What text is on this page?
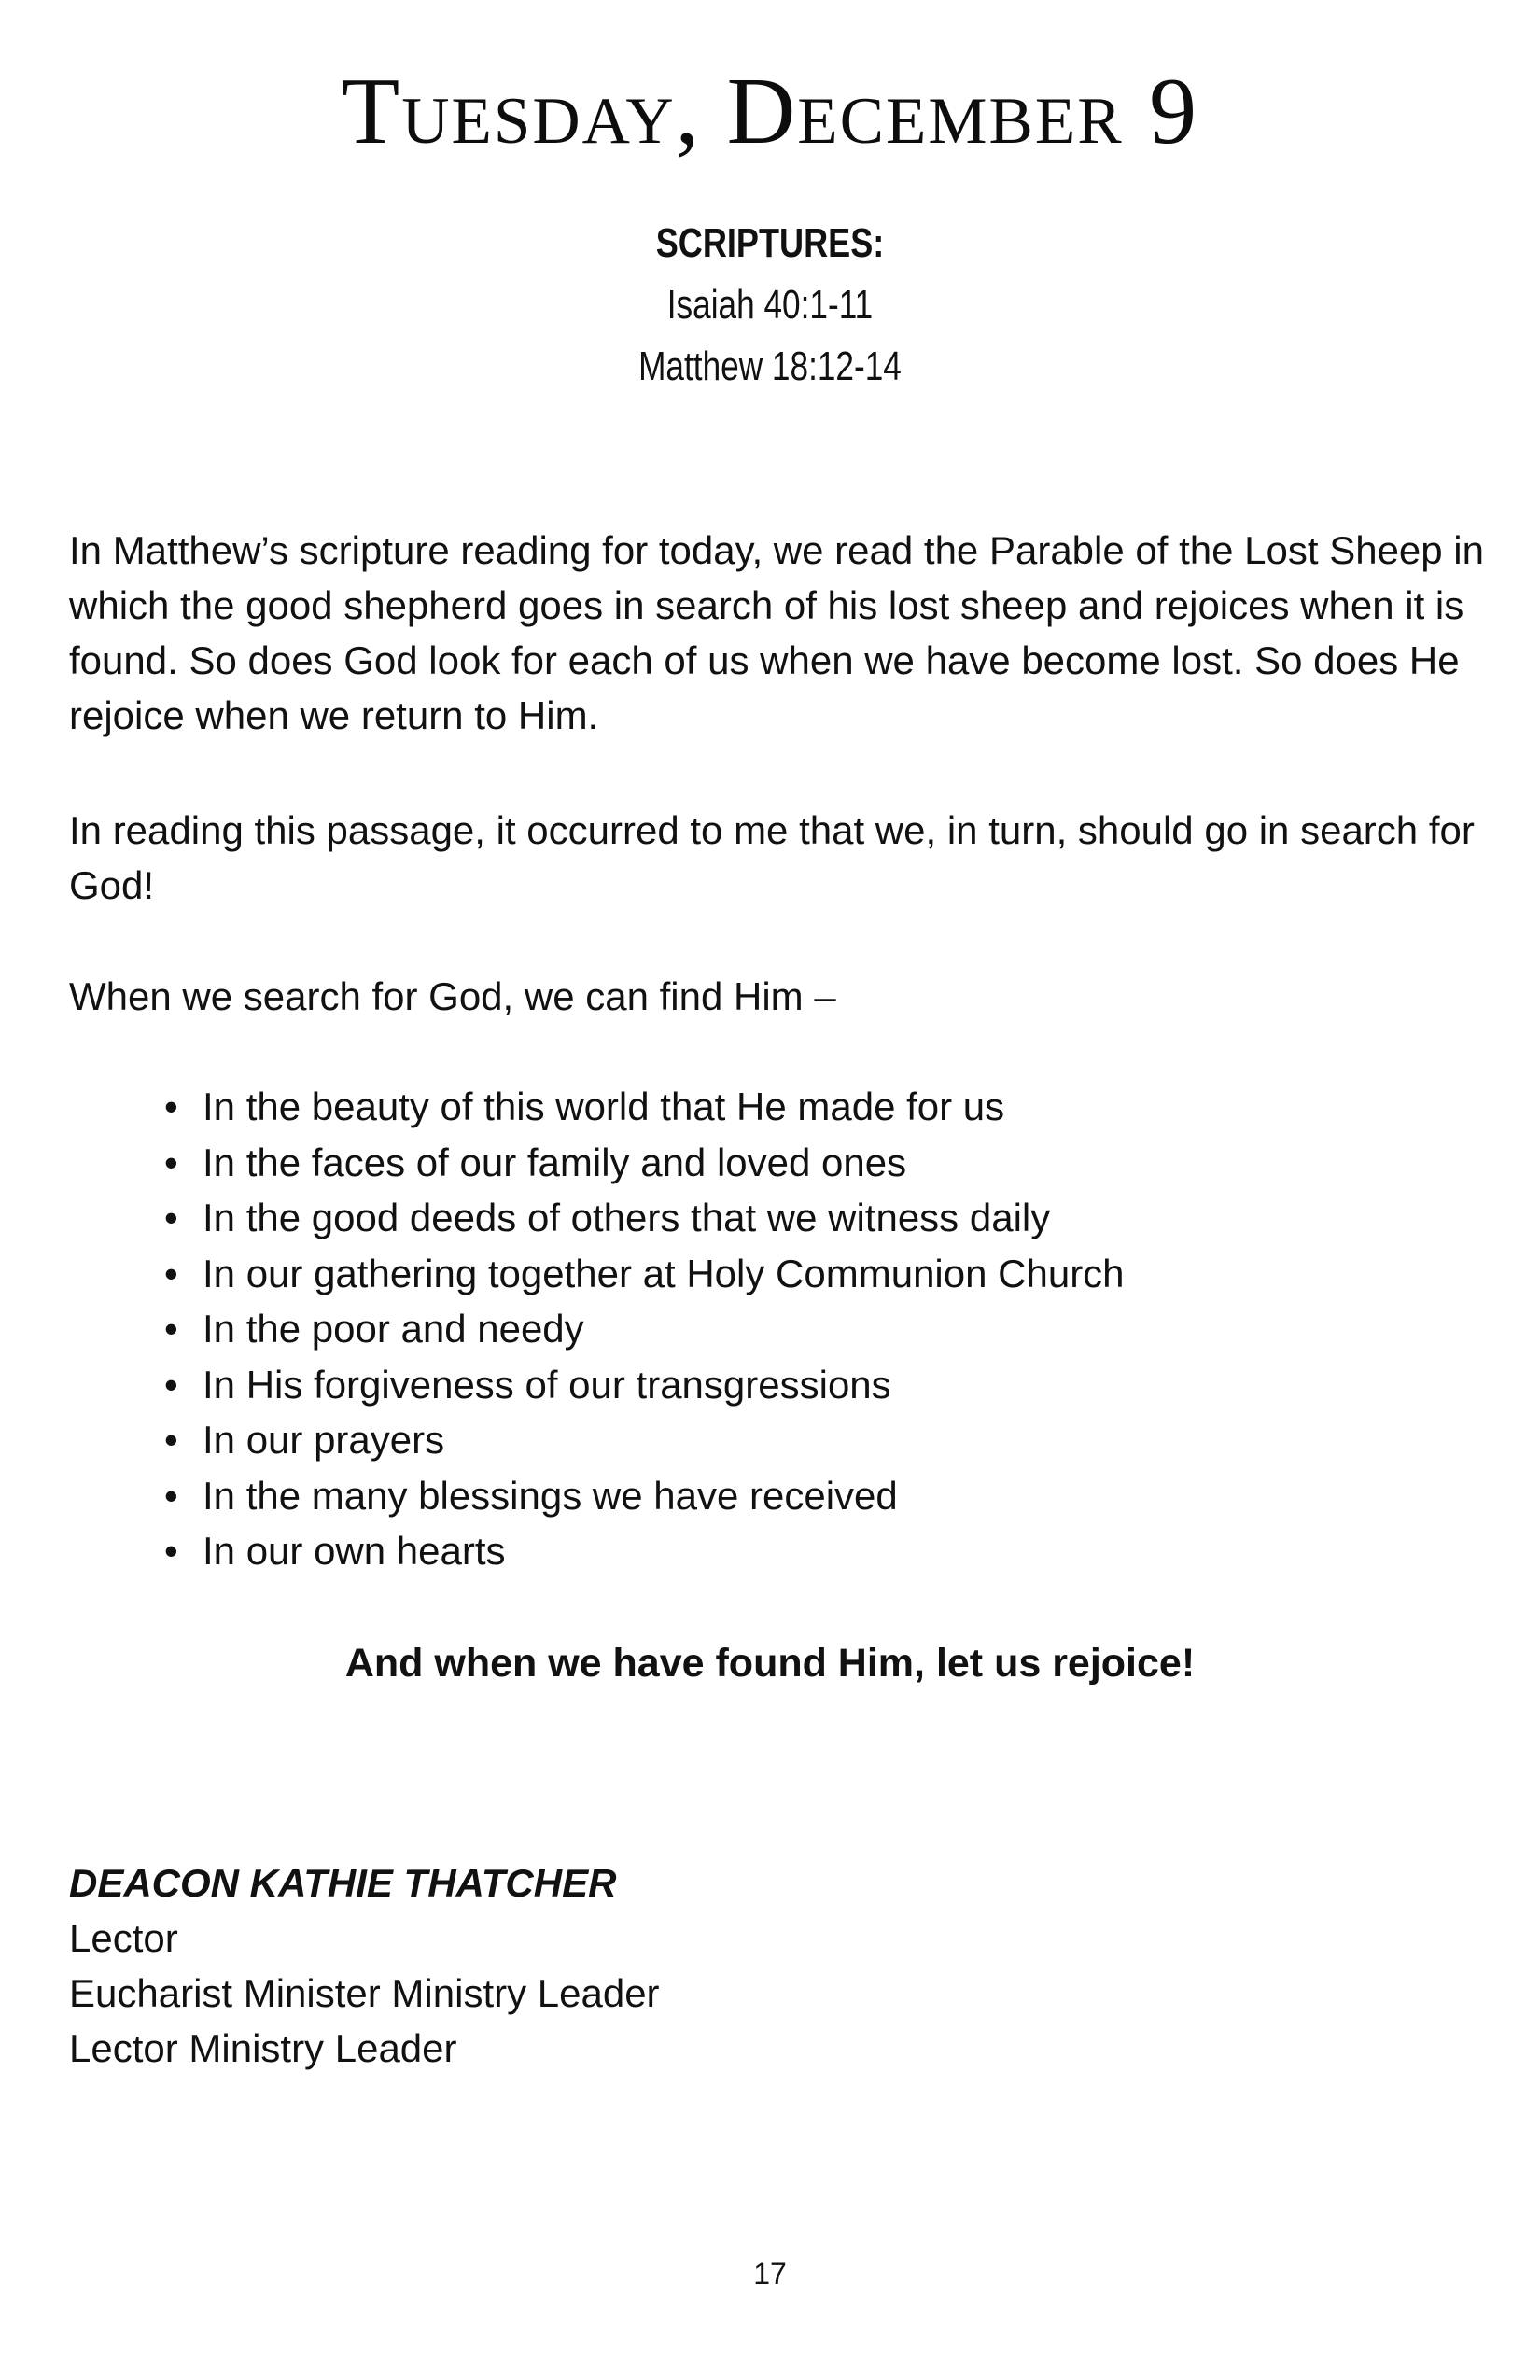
Tuesday, December 9
SCRIPTURES:
Isaiah 40:1-11
Matthew 18:12-14

In Matthew’s scripture reading for today, we read the Parable of the Lost Sheep in which the good shepherd goes in search of his lost sheep and rejoices when it is found. So does God look for each of us when we have become lost. So does He rejoice when we return to Him.

In reading this passage, it occurred to me that we, in turn, should go in search for God!

When we search for God, we can find Him –

• In the beauty of this world that He made for us
• In the faces of our family and loved ones
• In the good deeds of others that we witness daily
• In our gathering together at Holy Communion Church
• In the poor and needy
• In His forgiveness of our transgressions
• In our prayers
• In the many blessings we have received
• In our own hearts
And when we have found Him, let us rejoice!
DEACON KATHIE THATCHER
Lector
Eucharist Minister Ministry Leader
Lector Ministry Leader
17
